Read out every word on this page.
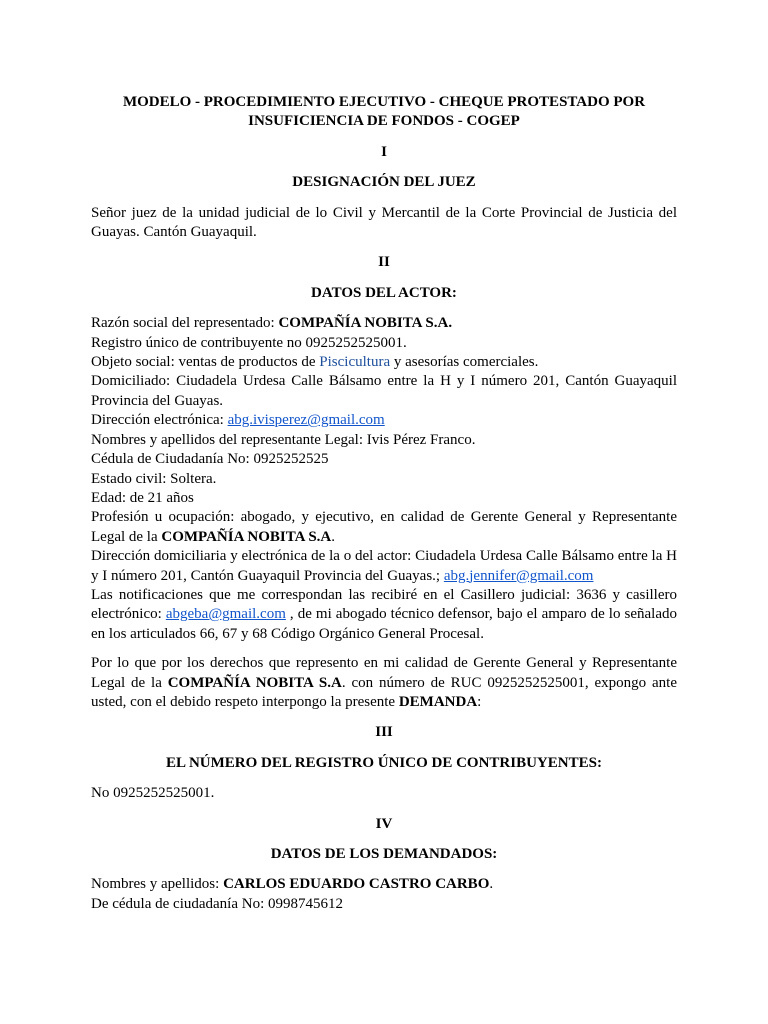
MODELO - PROCEDIMIENTO EJECUTIVO - CHEQUE PROTESTADO POR

INSUFICIENCIA DE FONDOS - COGEP

I

DESIGNACIÓN DEL JUEZ

Señor juez de la unidad judicial de lo Civil y Mercantil de la Corte Provincial de Justicia del Guayas. Cantón Guayaquil.

II

DATOS DEL ACTOR:

Razón social del representado: COMPAÑÍA NOBITA S.A.

Registro único de contribuyente no 0925252525001.

Objeto social: ventas de productos de Piscicultura y asesorías comerciales.

Domiciliado: Ciudadela Urdesa Calle Bálsamo entre la H y I número 201, Cantón Guayaquil Provincia del Guayas.

Dirección electrónica: abg.ivisperez@gmail.com

Nombres y apellidos del representante Legal: Ivis Pérez Franco.

Cédula de Ciudadanía No: 0925252525

Estado civil: Soltera.

Edad: de 21 años

Profesión u ocupación: abogado, y ejecutivo, en calidad de Gerente General y Representante Legal de la COMPAÑÍA NOBITA S.A.

Dirección domiciliaria y electrónica de la o del actor: Ciudadela Urdesa Calle Bálsamo entre la H y I número 201, Cantón Guayaquil Provincia del Guayas.; abg.jennifer@gmail.com

Las notificaciones que me correspondan las recibiré en el Casillero judicial: 3636 y casillero electrónico: abgeba@gmail.com , de mi abogado técnico defensor, bajo el amparo de lo señalado en los articulados 66, 67 y 68 Código Orgánico General Procesal.

Por lo que por los derechos que represento en mi calidad de Gerente General y Representante Legal de la COMPAÑÍA NOBITA S.A. con número de RUC 0925252525001, expongo ante usted, con el debido respeto interpongo la presente DEMANDA:

III

EL NÚMERO DEL REGISTRO ÚNICO DE CONTRIBUYENTES:

No 0925252525001.

IV

DATOS DE LOS DEMANDADOS:

Nombres y apellidos: CARLOS EDUARDO CASTRO CARBO.

De cédula de ciudadanía No: 0998745612
